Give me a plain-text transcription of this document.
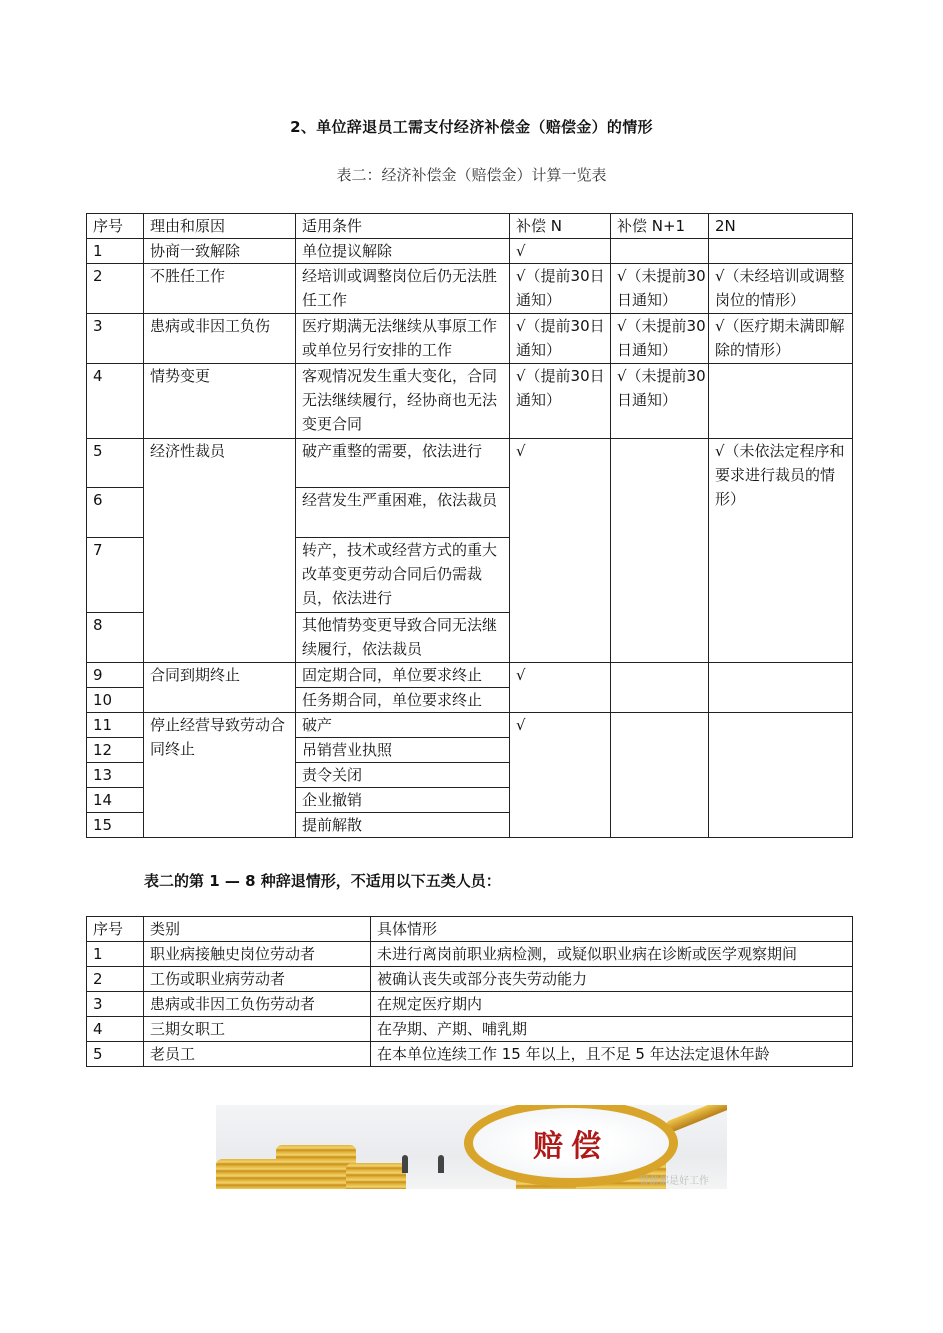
2、单位辞退员工需支付经济补偿金（赔偿金）的情形
表二：经济补偿金（赔偿金）计算一览表
序号	理由和原因	适用条件	补偿 N	补偿 N+1	2N
1	协商一致解除	单位提议解除	√		
2	不胜任工作	经培训或调整岗位后仍无法胜任工作	√（提前30日通知）	√（未提前30日通知）	√（未经培训或调整岗位的情形）
3	患病或非因工负伤	医疗期满无法继续从事原工作或单位另行安排的工作	√（提前30日通知）	√（未提前30日通知）	√（医疗期未满即解除的情形）
4	情势变更	客观情况发生重大变化，合同无法继续履行，经协商也无法变更合同	√（提前30日通知）	√（未提前30日通知）	
5	经济性裁员	破产重整的需要，依法进行	√		√（未依法定程序和要求进行裁员的情形）
6		经营发生严重困难，依法裁员			
7		转产，技术或经营方式的重大改革变更劳动合同后仍需裁员，依法进行			
8		其他情势变更导致合同无法继续履行，依法裁员			
9	合同到期终止	固定期合同，单位要求终止	√		
10		任务期合同，单位要求终止			
11	停止经营导致劳动合同终止	破产	√		
12		吊销营业执照			
13		责令关闭			
14		企业撤销			
15		提前解散			
表二的第 1 — 8 种辞退情形，不适用以下五类人员：
序号	类别	具体情形
1	职业病接触史岗位劳动者	未进行离岗前职业病检测，或疑似职业病在诊断或医学观察期间
2	工伤或职业病劳动者	被确认丧失或部分丧失劳动能力
3	患病或非因工负伤劳动者	在规定医疗期内
4	三期女职工	在孕期、产期、哺乳期
5	老员工	在本单位连续工作 15 年以上，且不足 5 年达法定退休年龄
赔偿
带薪都是好工作
